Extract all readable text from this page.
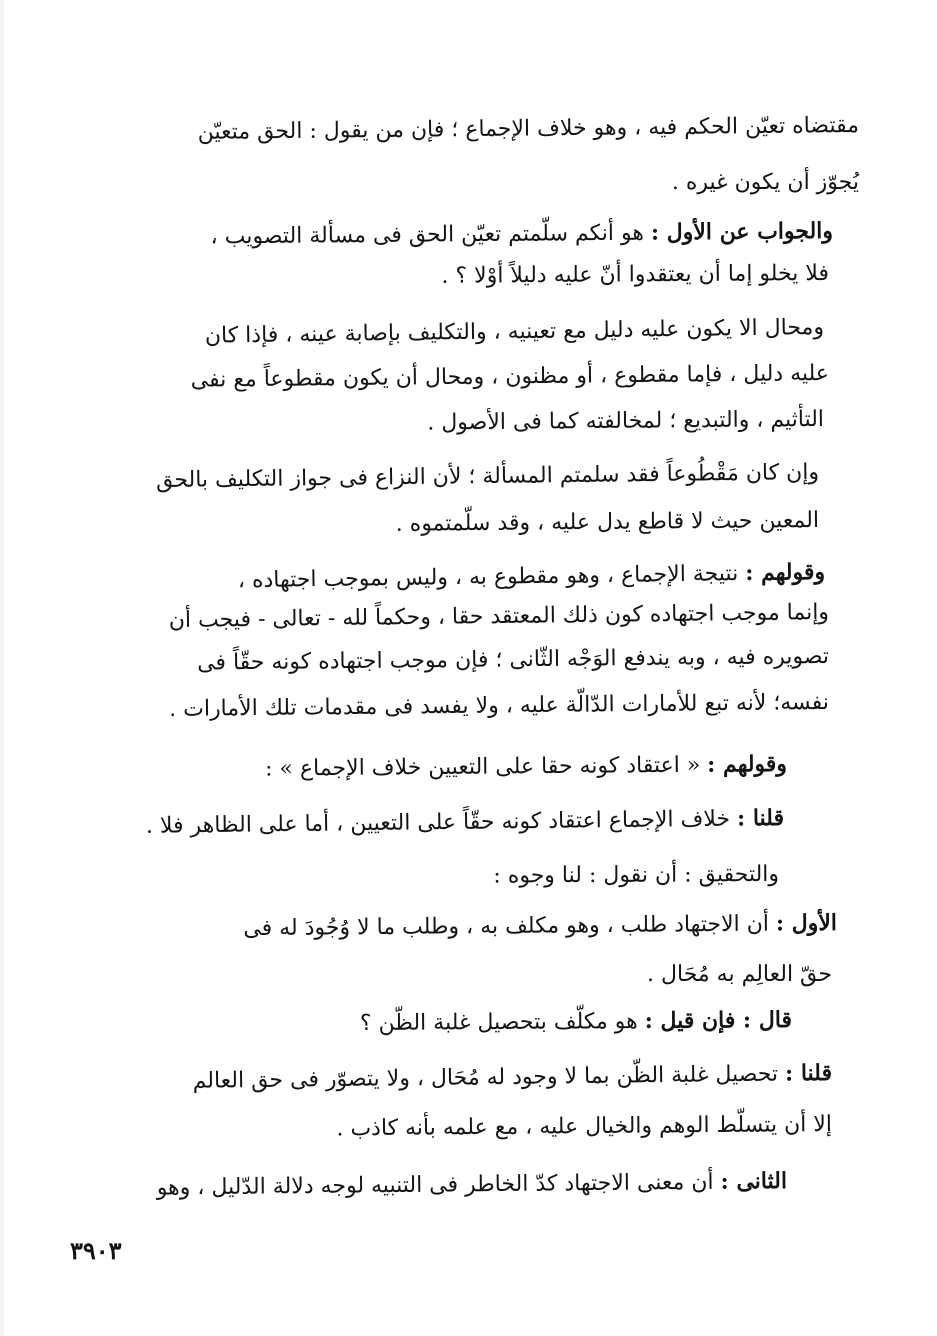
مقتضاه تعيّن الحكم فيه ، وهو خلاف الإجماع ؛ فإن من يقول : الحق متعيّن
يُجوّز أن يكون غيره .
والجواب عن الأول : هو أنكم سلّمتم تعيّن الحق فى مسألة التصويب ،
فلا يخلو إما أن يعتقدوا أنّ عليه دليلاً أوْلا ؟ .
ومحال الا يكون عليه دليل مع تعينيه ، والتكليف بإصابة عينه ، فإذا كان
عليه دليل ، فإما مقطوع ، أو مظنون ، ومحال أن يكون مقطوعاً مع نفى
التأثيم ، والتبديع ؛ لمخالفته كما فى الأصول .
وإن كان مَقْطُوعاً فقد سلمتم المسألة ؛ لأن النزاع فى جواز التكليف بالحق
المعين حيث لا قاطع يدل عليه ، وقد سلّمتموه .
وقولهم : نتيجة الإجماع ، وهو مقطوع به ، وليس بموجب اجتهاده ،
وإنما موجب اجتهاده كون ذلك المعتقد حقا ، وحكماً لله - تعالى - فيجب أن
تصويره فيه ، وبه يندفع الوَجْه الثّانى ؛ فإن موجب اجتهاده كونه حقّاً فى
نفسه؛ لأنه تبع للأمارات الدّالّة عليه ، ولا يفسد فى مقدمات تلك الأمارات .
وقولهم : « اعتقاد كونه حقا على التعيين خلاف الإجماع » :
قلنا : خلاف الإجماع اعتقاد كونه حقّاً على التعيين ، أما على الظاهر فلا .
والتحقيق : أن نقول : لنا وجوه :
الأول : أن الاجتهاد طلب ، وهو مكلف به ، وطلب ما لا وُجُودَ له فى
حقّ العالِم به مُحَال .
قال : فإن قيل : هو مكلّف بتحصيل غلبة الظّن ؟
قلنا : تحصيل غلبة الظّن بما لا وجود له مُحَال ، ولا يتصوّر فى حق العالم
إلا أن يتسلّط الوهم والخيال عليه ، مع علمه بأنه كاذب .
الثانى : أن معنى الاجتهاد كدّ الخاطر فى التنبيه لوجه دلالة الدّليل ، وهو
٣٩٠٣
